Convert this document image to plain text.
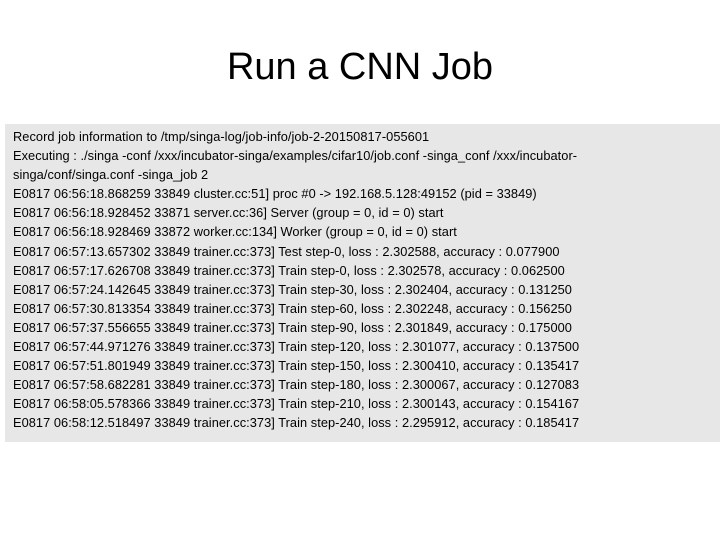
Run a CNN Job
Record job information to /tmp/singa-log/job-info/job-2-20150817-055601
Executing : ./singa -conf /xxx/incubator-singa/examples/cifar10/job.conf -singa_conf /xxx/incubator-
singa/conf/singa.conf -singa_job 2
E0817 06:56:18.868259 33849 cluster.cc:51] proc #0 -> 192.168.5.128:49152 (pid = 33849)
E0817 06:56:18.928452 33871 server.cc:36] Server (group = 0, id = 0) start
E0817 06:56:18.928469 33872 worker.cc:134] Worker (group = 0, id = 0) start
E0817 06:57:13.657302 33849 trainer.cc:373] Test step-0, loss : 2.302588, accuracy : 0.077900
E0817 06:57:17.626708 33849 trainer.cc:373] Train step-0, loss : 2.302578, accuracy : 0.062500
E0817 06:57:24.142645 33849 trainer.cc:373] Train step-30, loss : 2.302404, accuracy : 0.131250
E0817 06:57:30.813354 33849 trainer.cc:373] Train step-60, loss : 2.302248, accuracy : 0.156250
E0817 06:57:37.556655 33849 trainer.cc:373] Train step-90, loss : 2.301849, accuracy : 0.175000
E0817 06:57:44.971276 33849 trainer.cc:373] Train step-120, loss : 2.301077, accuracy : 0.137500
E0817 06:57:51.801949 33849 trainer.cc:373] Train step-150, loss : 2.300410, accuracy : 0.135417
E0817 06:57:58.682281 33849 trainer.cc:373] Train step-180, loss : 2.300067, accuracy : 0.127083
E0817 06:58:05.578366 33849 trainer.cc:373] Train step-210, loss : 2.300143, accuracy : 0.154167
E0817 06:58:12.518497 33849 trainer.cc:373] Train step-240, loss : 2.295912, accuracy : 0.185417
